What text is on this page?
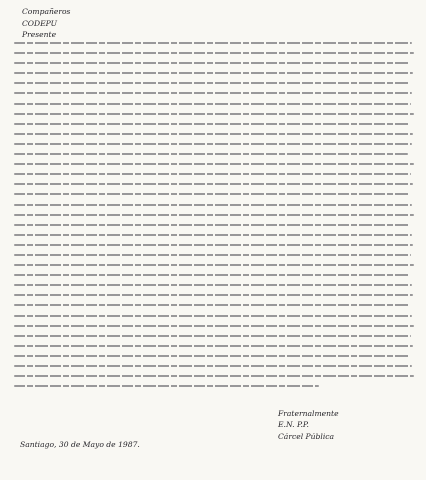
Compañeros
CODEPU
Presente
Fraternalmente
E.N. P.P.
Cárcel Pública
Santiago, 30 de Mayo de 1987.
